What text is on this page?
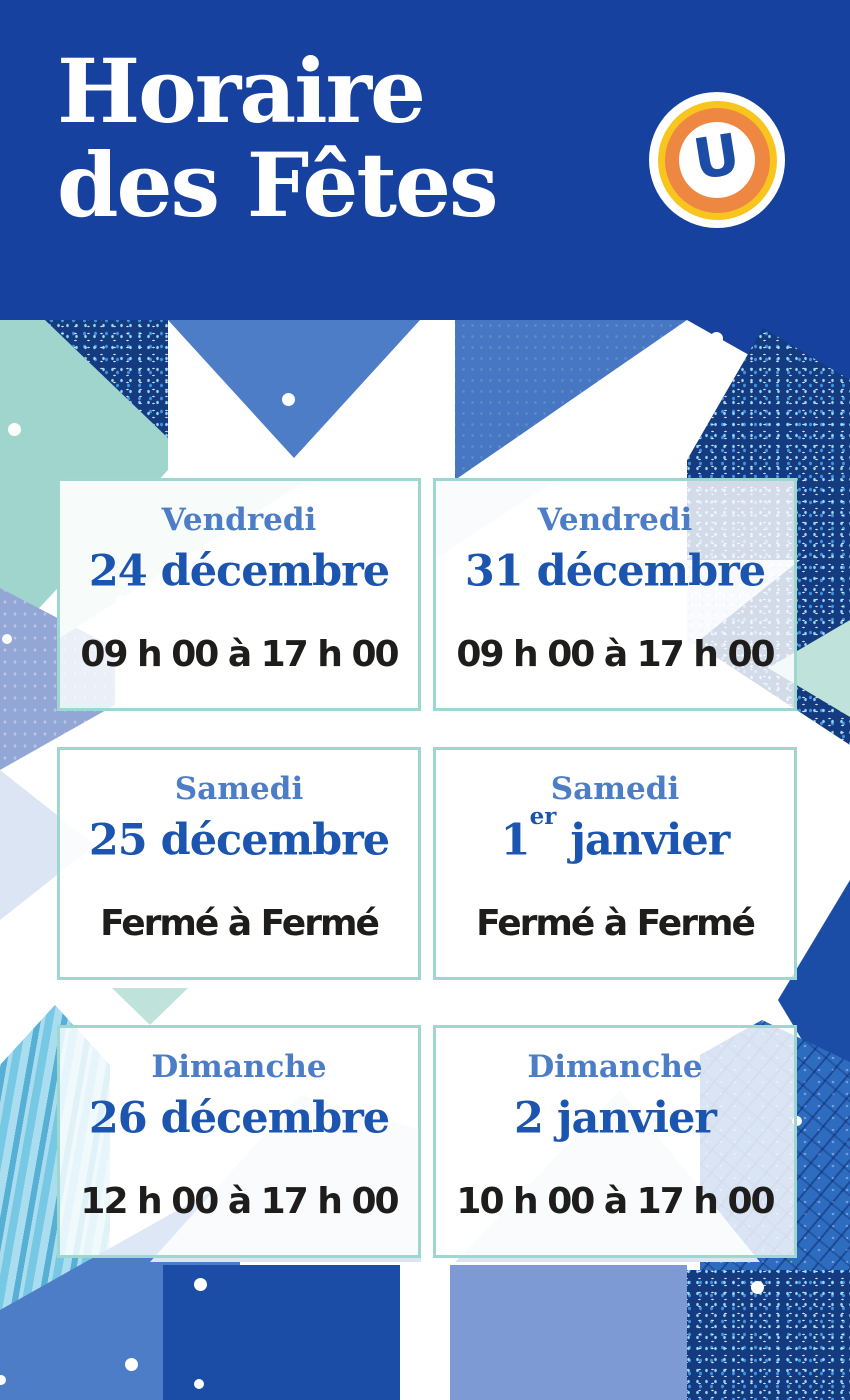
Horaire
des Fêtes	U
Vendredi
24 décembre
09 h 00 à 17 h 00
Vendredi
31 décembre
09 h 00 à 17 h 00
Samedi
25 décembre
Fermé à Fermé
Samedi
1er janvier
Fermé à Fermé
Dimanche
26 décembre
12 h 00 à 17 h 00
Dimanche
2 janvier
10 h 00 à 17 h 00
